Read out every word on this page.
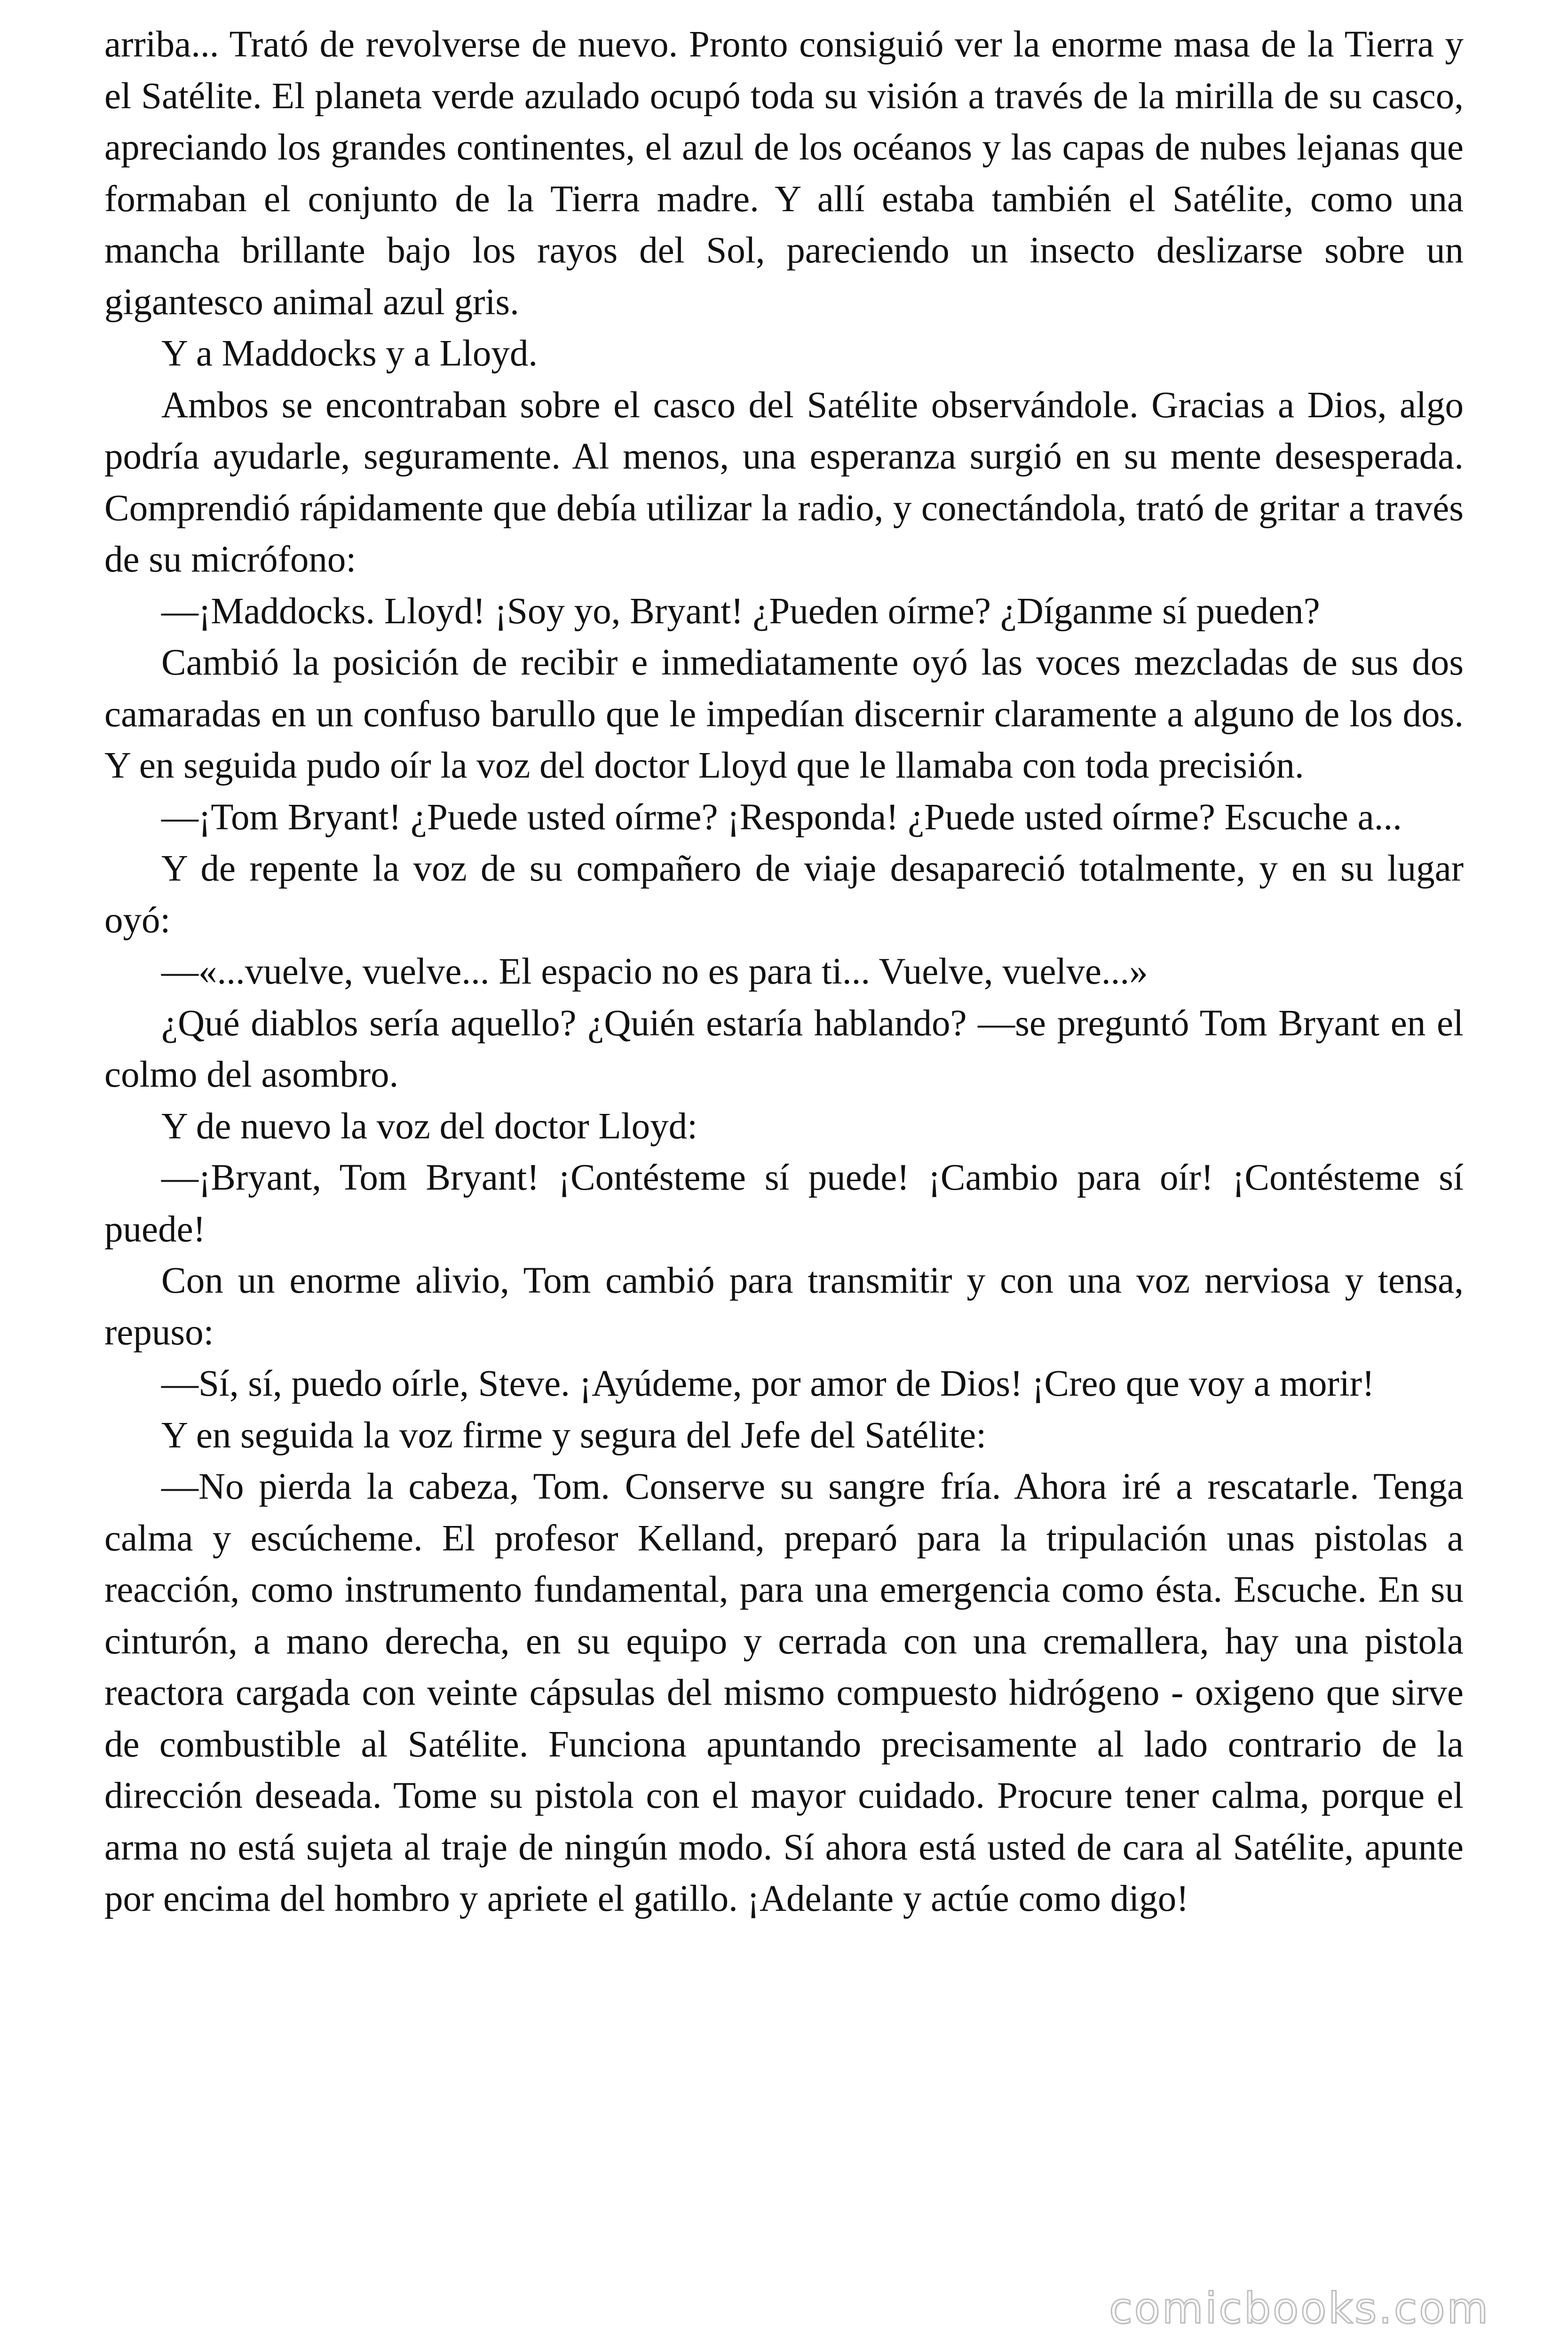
arriba... Trató de revolverse de nuevo. Pronto consiguió ver la enorme masa de la Tierra y el Satélite. El planeta verde azulado ocupó toda su visión a través de la mirilla de su casco, apreciando los grandes continentes, el azul de los océanos y las capas de nubes lejanas que formaban el conjunto de la Tierra madre. Y allí estaba también el Satélite, como una mancha brillante bajo los rayos del Sol, pareciendo un insecto deslizarse sobre un gigantesco animal azul gris.

Y a Maddocks y a Lloyd.

Ambos se encontraban sobre el casco del Satélite observándole. Gracias a Dios, algo podría ayudarle, seguramente. Al menos, una esperanza surgió en su mente desesperada. Comprendió rápidamente que debía utilizar la radio, y conectándola, trató de gritar a través de su micrófono:

—¡Maddocks. Lloyd! ¡Soy yo, Bryant! ¿Pueden oírme? ¿Díganme sí pueden?

Cambió la posición de recibir e inmediatamente oyó las voces mezcladas de sus dos camaradas en un confuso barullo que le impedían discernir claramente a alguno de los dos. Y en seguida pudo oír la voz del doctor Lloyd que le llamaba con toda precisión.

—¡Tom Bryant! ¿Puede usted oírme? ¡Responda! ¿Puede usted oírme? Escuche a...

Y de repente la voz de su compañero de viaje desapareció totalmente, y en su lugar oyó:

—«...vuelve, vuelve... El espacio no es para ti... Vuelve, vuelve...»

¿Qué diablos sería aquello? ¿Quién estaría hablando? —se preguntó Tom Bryant en el colmo del asombro.

Y de nuevo la voz del doctor Lloyd:

—¡Bryant, Tom Bryant! ¡Contésteme sí puede! ¡Cambio para oír! ¡Contésteme sí puede!

Con un enorme alivio, Tom cambió para transmitir y con una voz nerviosa y tensa, repuso:

—Sí, sí, puedo oírle, Steve. ¡Ayúdeme, por amor de Dios! ¡Creo que voy a morir!

Y en seguida la voz firme y segura del Jefe del Satélite:

—No pierda la cabeza, Tom. Conserve su sangre fría. Ahora iré a rescatarle. Tenga calma y escúcheme. El profesor Kelland, preparó para la tripulación unas pistolas a reacción, como instrumento fundamental, para una emergencia como ésta. Escuche. En su cinturón, a mano derecha, en su equipo y cerrada con una cremallera, hay una pistola reactora cargada con veinte cápsulas del mismo compuesto hidrógeno - oxigeno que sirve de combustible al Satélite. Funciona apuntando precisamente al lado contrario de la dirección deseada. Tome su pistola con el mayor cuidado. Procure tener calma, porque el arma no está sujeta al traje de ningún modo. Sí ahora está usted de cara al Satélite, apunte por encima del hombro y apriete el gatillo. ¡Adelante y actúe como digo!

comicbooks.com
